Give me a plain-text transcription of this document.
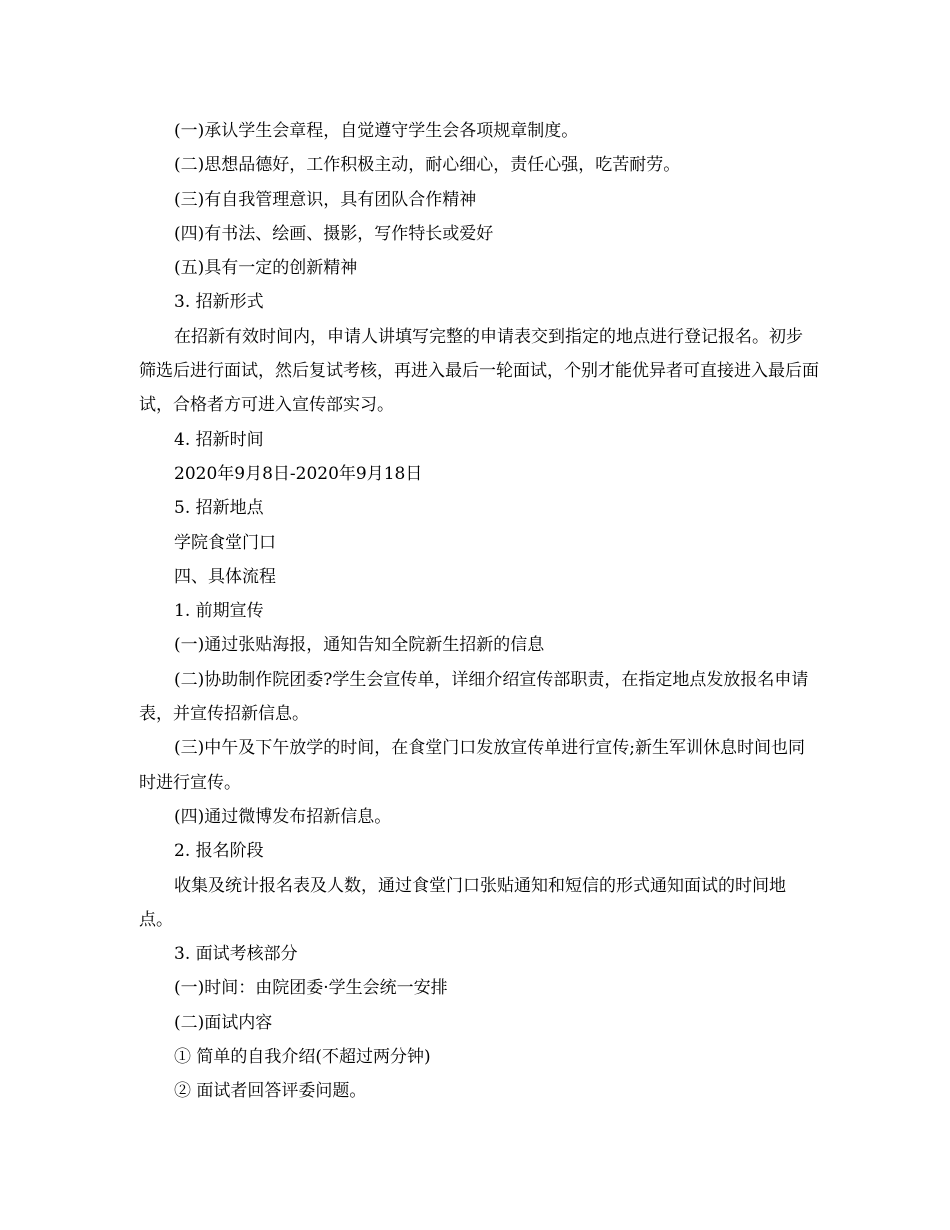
(一)承认学生会章程，自觉遵守学生会各项规章制度。

(二)思想品德好，工作积极主动，耐心细心，责任心强，吃苦耐劳。

(三)有自我管理意识，具有团队合作精神

(四)有书法、绘画、摄影，写作特长或爱好

(五)具有一定的创新精神

3. 招新形式

在招新有效时间内，申请人讲填写完整的申请表交到指定的地点进行登记报名。初步筛选后进行面试，然后复试考核，再进入最后一轮面试，个别才能优异者可直接进入最后面试，合格者方可进入宣传部实习。

4. 招新时间

2020年9月8日-2020年9月18日

5. 招新地点

学院食堂门口

四、具体流程

1. 前期宣传

(一)通过张贴海报，通知告知全院新生招新的信息

(二)协助制作院团委?学生会宣传单，详细介绍宣传部职责，在指定地点发放报名申请表，并宣传招新信息。

(三)中午及下午放学的时间，在食堂门口发放宣传单进行宣传;新生军训休息时间也同时进行宣传。

(四)通过微博发布招新信息。

2. 报名阶段

收集及统计报名表及人数，通过食堂门口张贴通知和短信的形式通知面试的时间地点。

3. 面试考核部分

(一)时间：由院团委·学生会统一安排

(二)面试内容

① 简单的自我介绍(不超过两分钟)

② 面试者回答评委问题。
